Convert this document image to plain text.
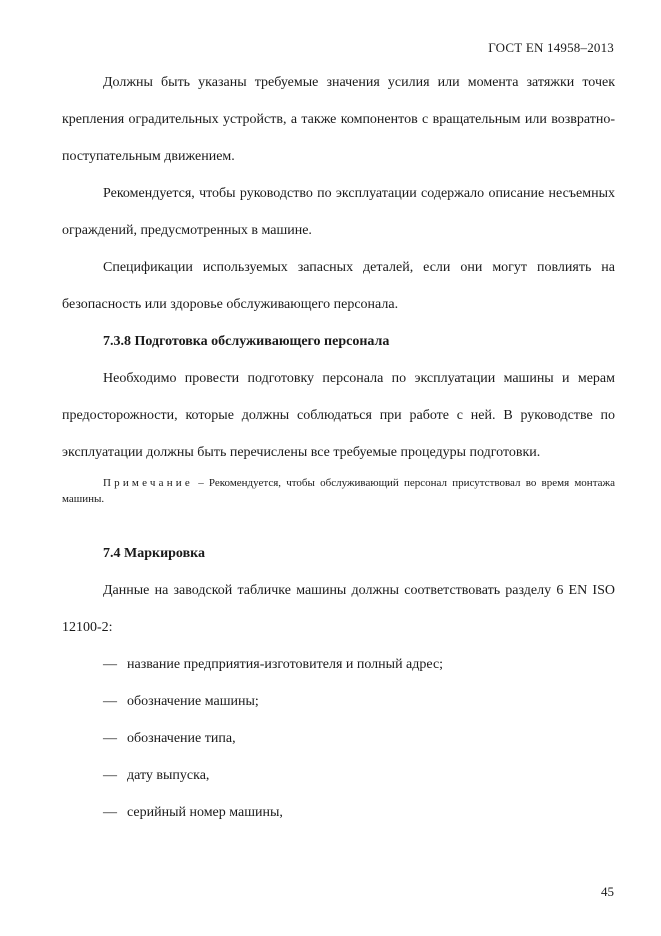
ГОСТ EN 14958–2013

Должны быть указаны требуемые значения усилия или момента затяжки точек крепления оградительных устройств, а также компонентов с вращательным или возвратно-поступательным движением.

Рекомендуется, чтобы руководство по эксплуатации содержало описание несъемных ограждений, предусмотренных в машине.

Спецификации используемых запасных деталей, если они могут повлиять на безопасность или здоровье обслуживающего персонала.

7.3.8 Подготовка обслуживающего персонала

Необходимо провести подготовку персонала по эксплуатации машины и мерам предосторожности, которые должны соблюдаться при работе с ней. В руководстве по эксплуатации должны быть перечислены все требуемые процедуры подготовки.

Примечание – Рекомендуется, чтобы обслуживающий персонал присутствовал во время монтажа машины.

7.4 Маркировка

Данные на заводской табличке машины должны соответствовать разделу 6 EN ISO 12100-2:

— название предприятия-изготовителя и полный адрес;
— обозначение машины;
— обозначение типа,
— дату выпуска,
— серийный номер машины,
45
